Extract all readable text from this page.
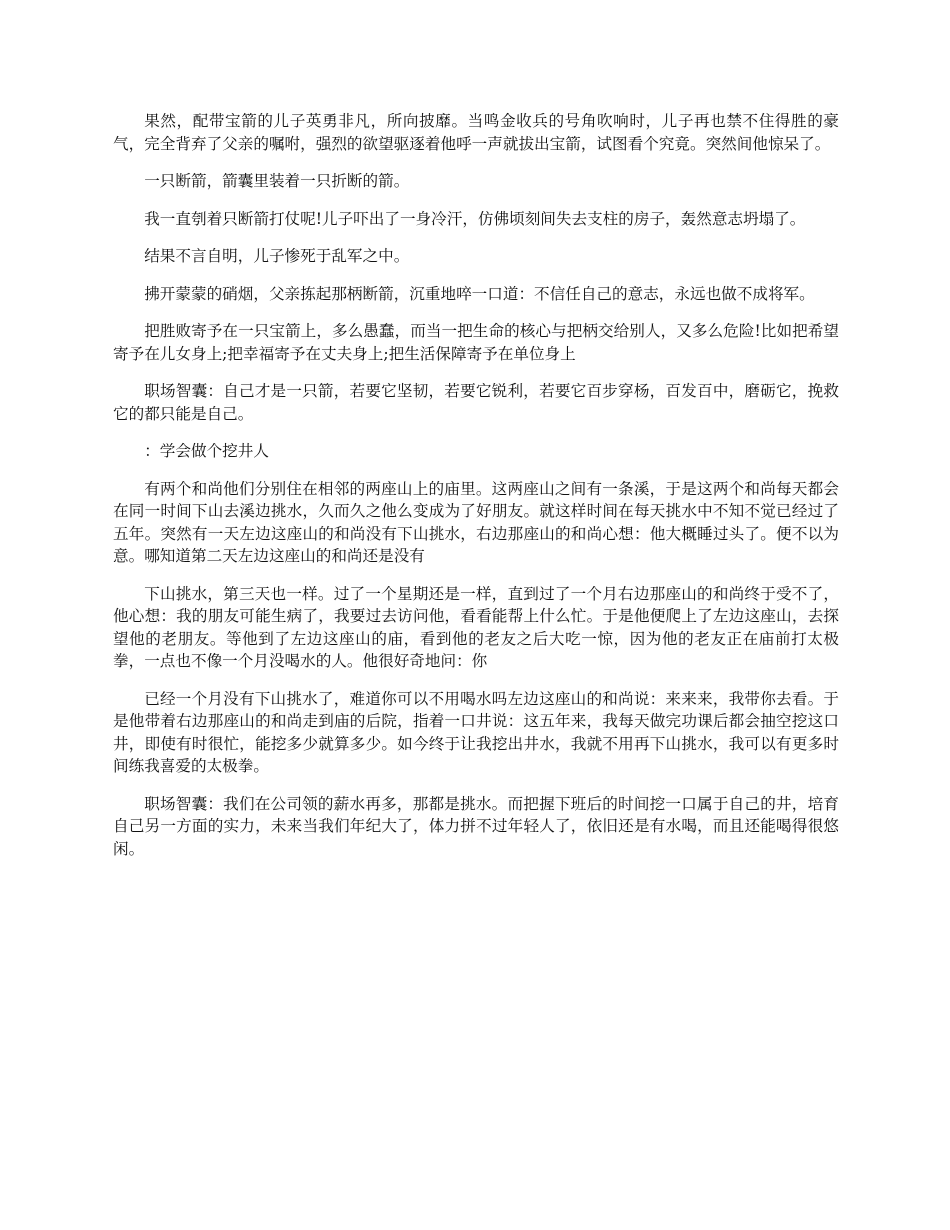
果然，配带宝箭的儿子英勇非凡，所向披靡。当鸣金收兵的号角吹响时，儿子再也禁不住得胜的豪气，完全背弃了父亲的嘱咐，强烈的欲望驱逐着他呼一声就拔出宝箭，试图看个究竟。突然间他惊呆了。

一只断箭，箭囊里装着一只折断的箭。

我一直刳着只断箭打仗呢!儿子吓出了一身冷汗，仿佛顷刻间失去支柱的房子，轰然意志坍塌了。

结果不言自明，儿子惨死于乱军之中。

拂开蒙蒙的硝烟，父亲拣起那柄断箭，沉重地啐一口道：不信任自己的意志，永远也做不成将军。

把胜败寄予在一只宝箭上，多么愚蠢，而当一把生命的核心与把柄交给别人，又多么危险!比如把希望寄予在儿女身上;把幸福寄予在丈夫身上;把生活保障寄予在单位身上

职场智囊：自己才是一只箭，若要它坚韧，若要它锐利，若要它百步穿杨，百发百中，磨砺它，挽救它的都只能是自己。

：学会做个挖井人

有两个和尚他们分别住在相邻的两座山上的庙里。这两座山之间有一条溪，于是这两个和尚每天都会在同一时间下山去溪边挑水，久而久之他么变成为了好朋友。就这样时间在每天挑水中不知不觉已经过了五年。突然有一天左边这座山的和尚没有下山挑水，右边那座山的和尚心想：他大概睡过头了。便不以为意。哪知道第二天左边这座山的和尚还是没有

下山挑水，第三天也一样。过了一个星期还是一样，直到过了一个月右边那座山的和尚终于受不了，他心想：我的朋友可能生病了，我要过去访问他，看看能帮上什么忙。于是他便爬上了左边这座山，去探望他的老朋友。等他到了左边这座山的庙，看到他的老友之后大吃一惊，因为他的老友正在庙前打太极拳，一点也不像一个月没喝水的人。他很好奇地问：你

已经一个月没有下山挑水了，难道你可以不用喝水吗左边这座山的和尚说：来来来，我带你去看。于是他带着右边那座山的和尚走到庙的后院，指着一口井说：这五年来，我每天做完功课后都会抽空挖这口井，即使有时很忙，能挖多少就算多少。如今终于让我挖出井水，我就不用再下山挑水，我可以有更多时间练我喜爱的太极拳。

职场智囊：我们在公司领的薪水再多，那都是挑水。而把握下班后的时间挖一口属于自己的井，培育自己另一方面的实力，未来当我们年纪大了，体力拼不过年轻人了，依旧还是有水喝，而且还能喝得很悠闲。
